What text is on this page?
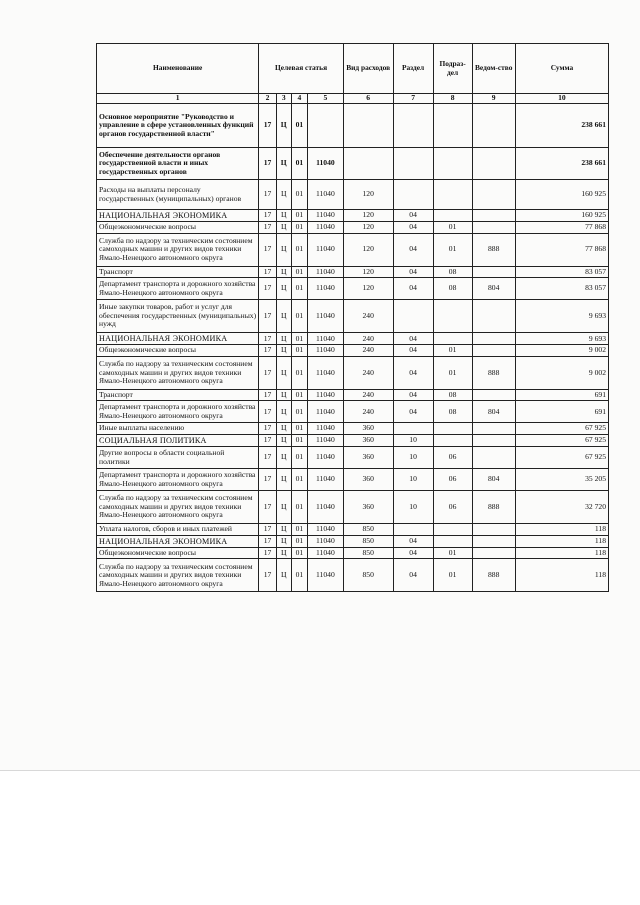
Наименование	Целевая статья				Вид расходов	Раздел	Подраз-дел	Ведом-ство	Сумма
1	2	3	4	5	6	7	8	9	10
Основное мероприятие "Руководство и управление в сфере установленных функций органов государственной власти"	17	Ц	01						238 661
Обеспечение деятельности органов государственной власти и иных государственных органов	17	Ц	01	11040					238 661
Расходы на выплаты персоналу государственных (муниципальных) органов	17	Ц	01	11040	120				160 925
НАЦИОНАЛЬНАЯ ЭКОНОМИКА	17	Ц	01	11040	120	04			160 925
Общеэкономические вопросы	17	Ц	01	11040	120	04	01		77 868
Служба по надзору за техническим состоянием самоходных машин и других видов техники Ямало-Ненецкого автономного округа	17	Ц	01	11040	120	04	01	888	77 868
Транспорт	17	Ц	01	11040	120	04	08		83 057
Департамент транспорта и дорожного хозяйства Ямало-Ненецкого автономного округа	17	Ц	01	11040	120	04	08	804	83 057
Иные закупки товаров, работ и услуг для обеспечения государственных (муниципальных) нужд	17	Ц	01	11040	240				9 693
НАЦИОНАЛЬНАЯ ЭКОНОМИКА	17	Ц	01	11040	240	04			9 693
Общеэкономические вопросы	17	Ц	01	11040	240	04	01		9 002
Служба по надзору за техническим состоянием самоходных машин и других видов техники Ямало-Ненецкого автономного округа	17	Ц	01	11040	240	04	01	888	9 002
Транспорт	17	Ц	01	11040	240	04	08		691
Департамент транспорта и дорожного хозяйства Ямало-Ненецкого автономного округа	17	Ц	01	11040	240	04	08	804	691
Иные выплаты населению	17	Ц	01	11040	360				67 925
СОЦИАЛЬНАЯ ПОЛИТИКА	17	Ц	01	11040	360	10			67 925
Другие вопросы в области социальной политики	17	Ц	01	11040	360	10	06		67 925
Департамент транспорта и дорожного хозяйства Ямало-Ненецкого автономного округа	17	Ц	01	11040	360	10	06	804	35 205
Служба по надзору за техническим состоянием самоходных машин и других видов техники Ямало-Ненецкого автономного округа	17	Ц	01	11040	360	10	06	888	32 720
Уплата налогов, сборов и иных платежей	17	Ц	01	11040	850				118
НАЦИОНАЛЬНАЯ ЭКОНОМИКА	17	Ц	01	11040	850	04			118
Общеэкономические вопросы	17	Ц	01	11040	850	04	01		118
Служба по надзору за техническим состоянием самоходных машин и других видов техники Ямало-Ненецкого автономного округа	17	Ц	01	11040	850	04	01	888	118
